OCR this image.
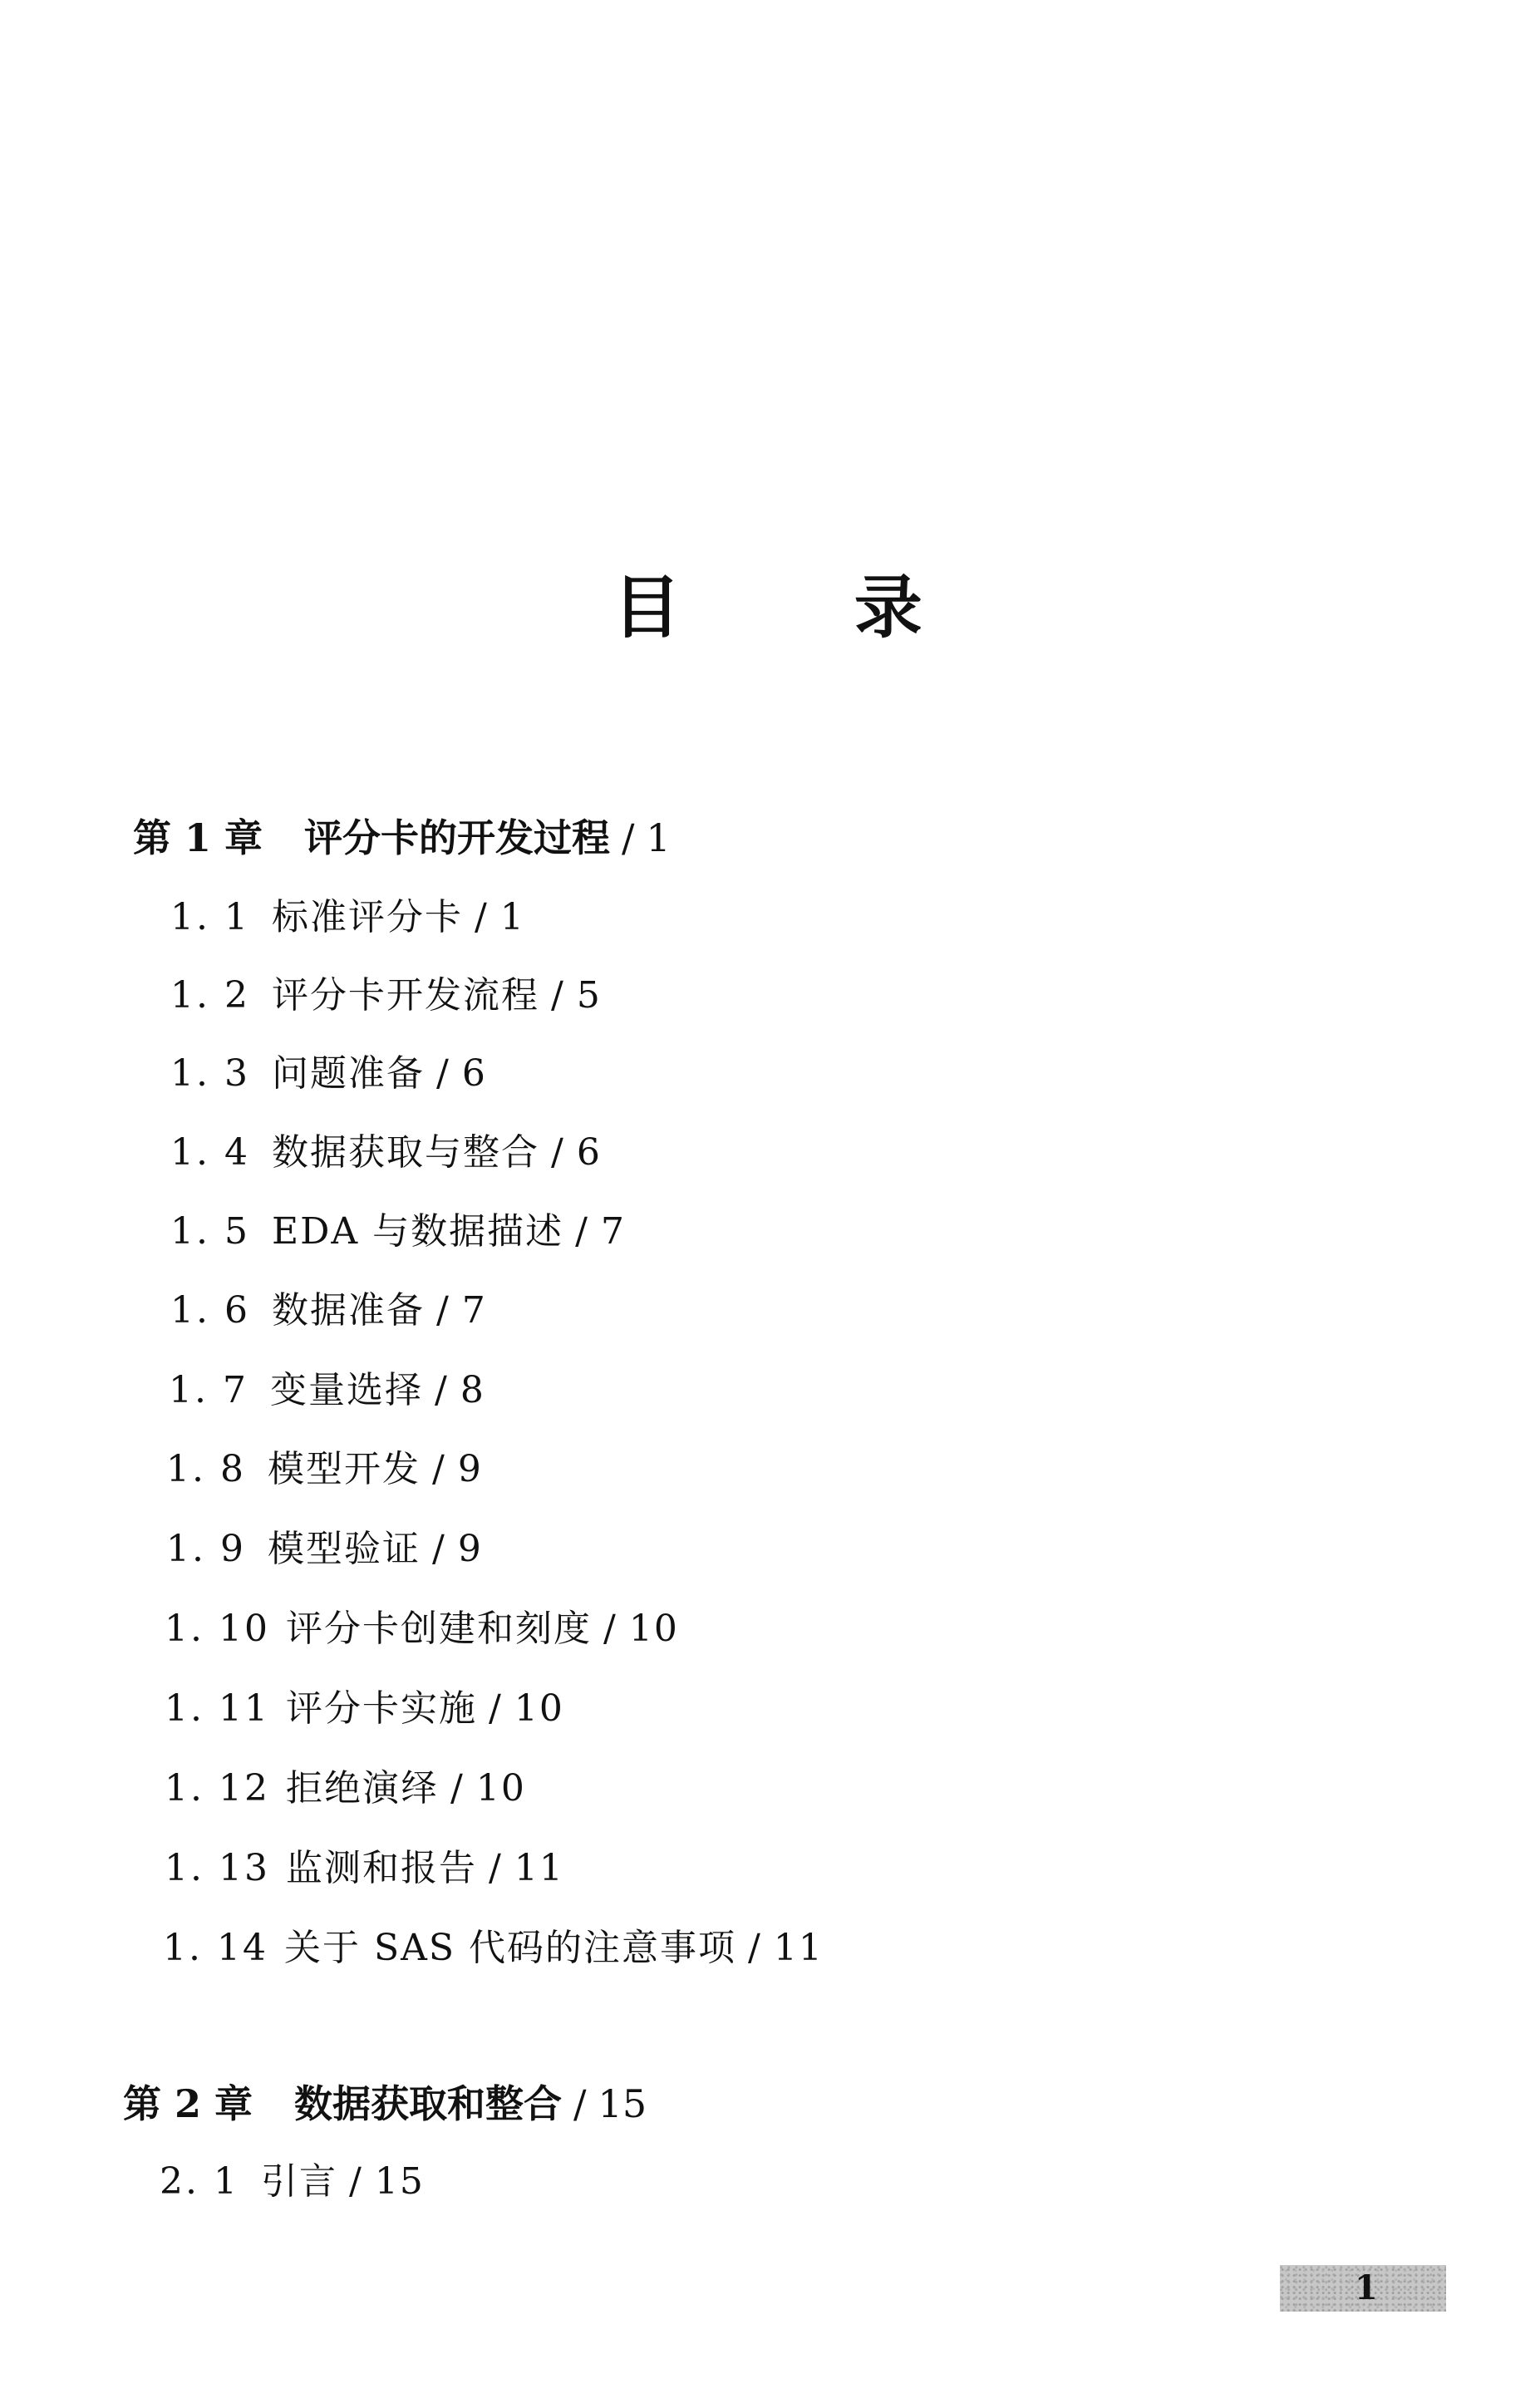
目 录
第 1 章 评分卡的开发过程 / 1
1. 1 标准评分卡 / 1
1. 2 评分卡开发流程 / 5
1. 3 问题准备 / 6
1. 4 数据获取与整合 / 6
1. 5 EDA 与数据描述 / 7
1. 6 数据准备 / 7
1. 7 变量选择 / 8
1. 8 模型开发 / 9
1. 9 模型验证 / 9
1. 10 评分卡创建和刻度 / 10
1. 11 评分卡实施 / 10
1. 12 拒绝演绎 / 10
1. 13 监测和报告 / 11
1. 14 关于 SAS 代码的注意事项 / 11
第 2 章 数据获取和整合 / 15
2. 1 引言 / 15
1
